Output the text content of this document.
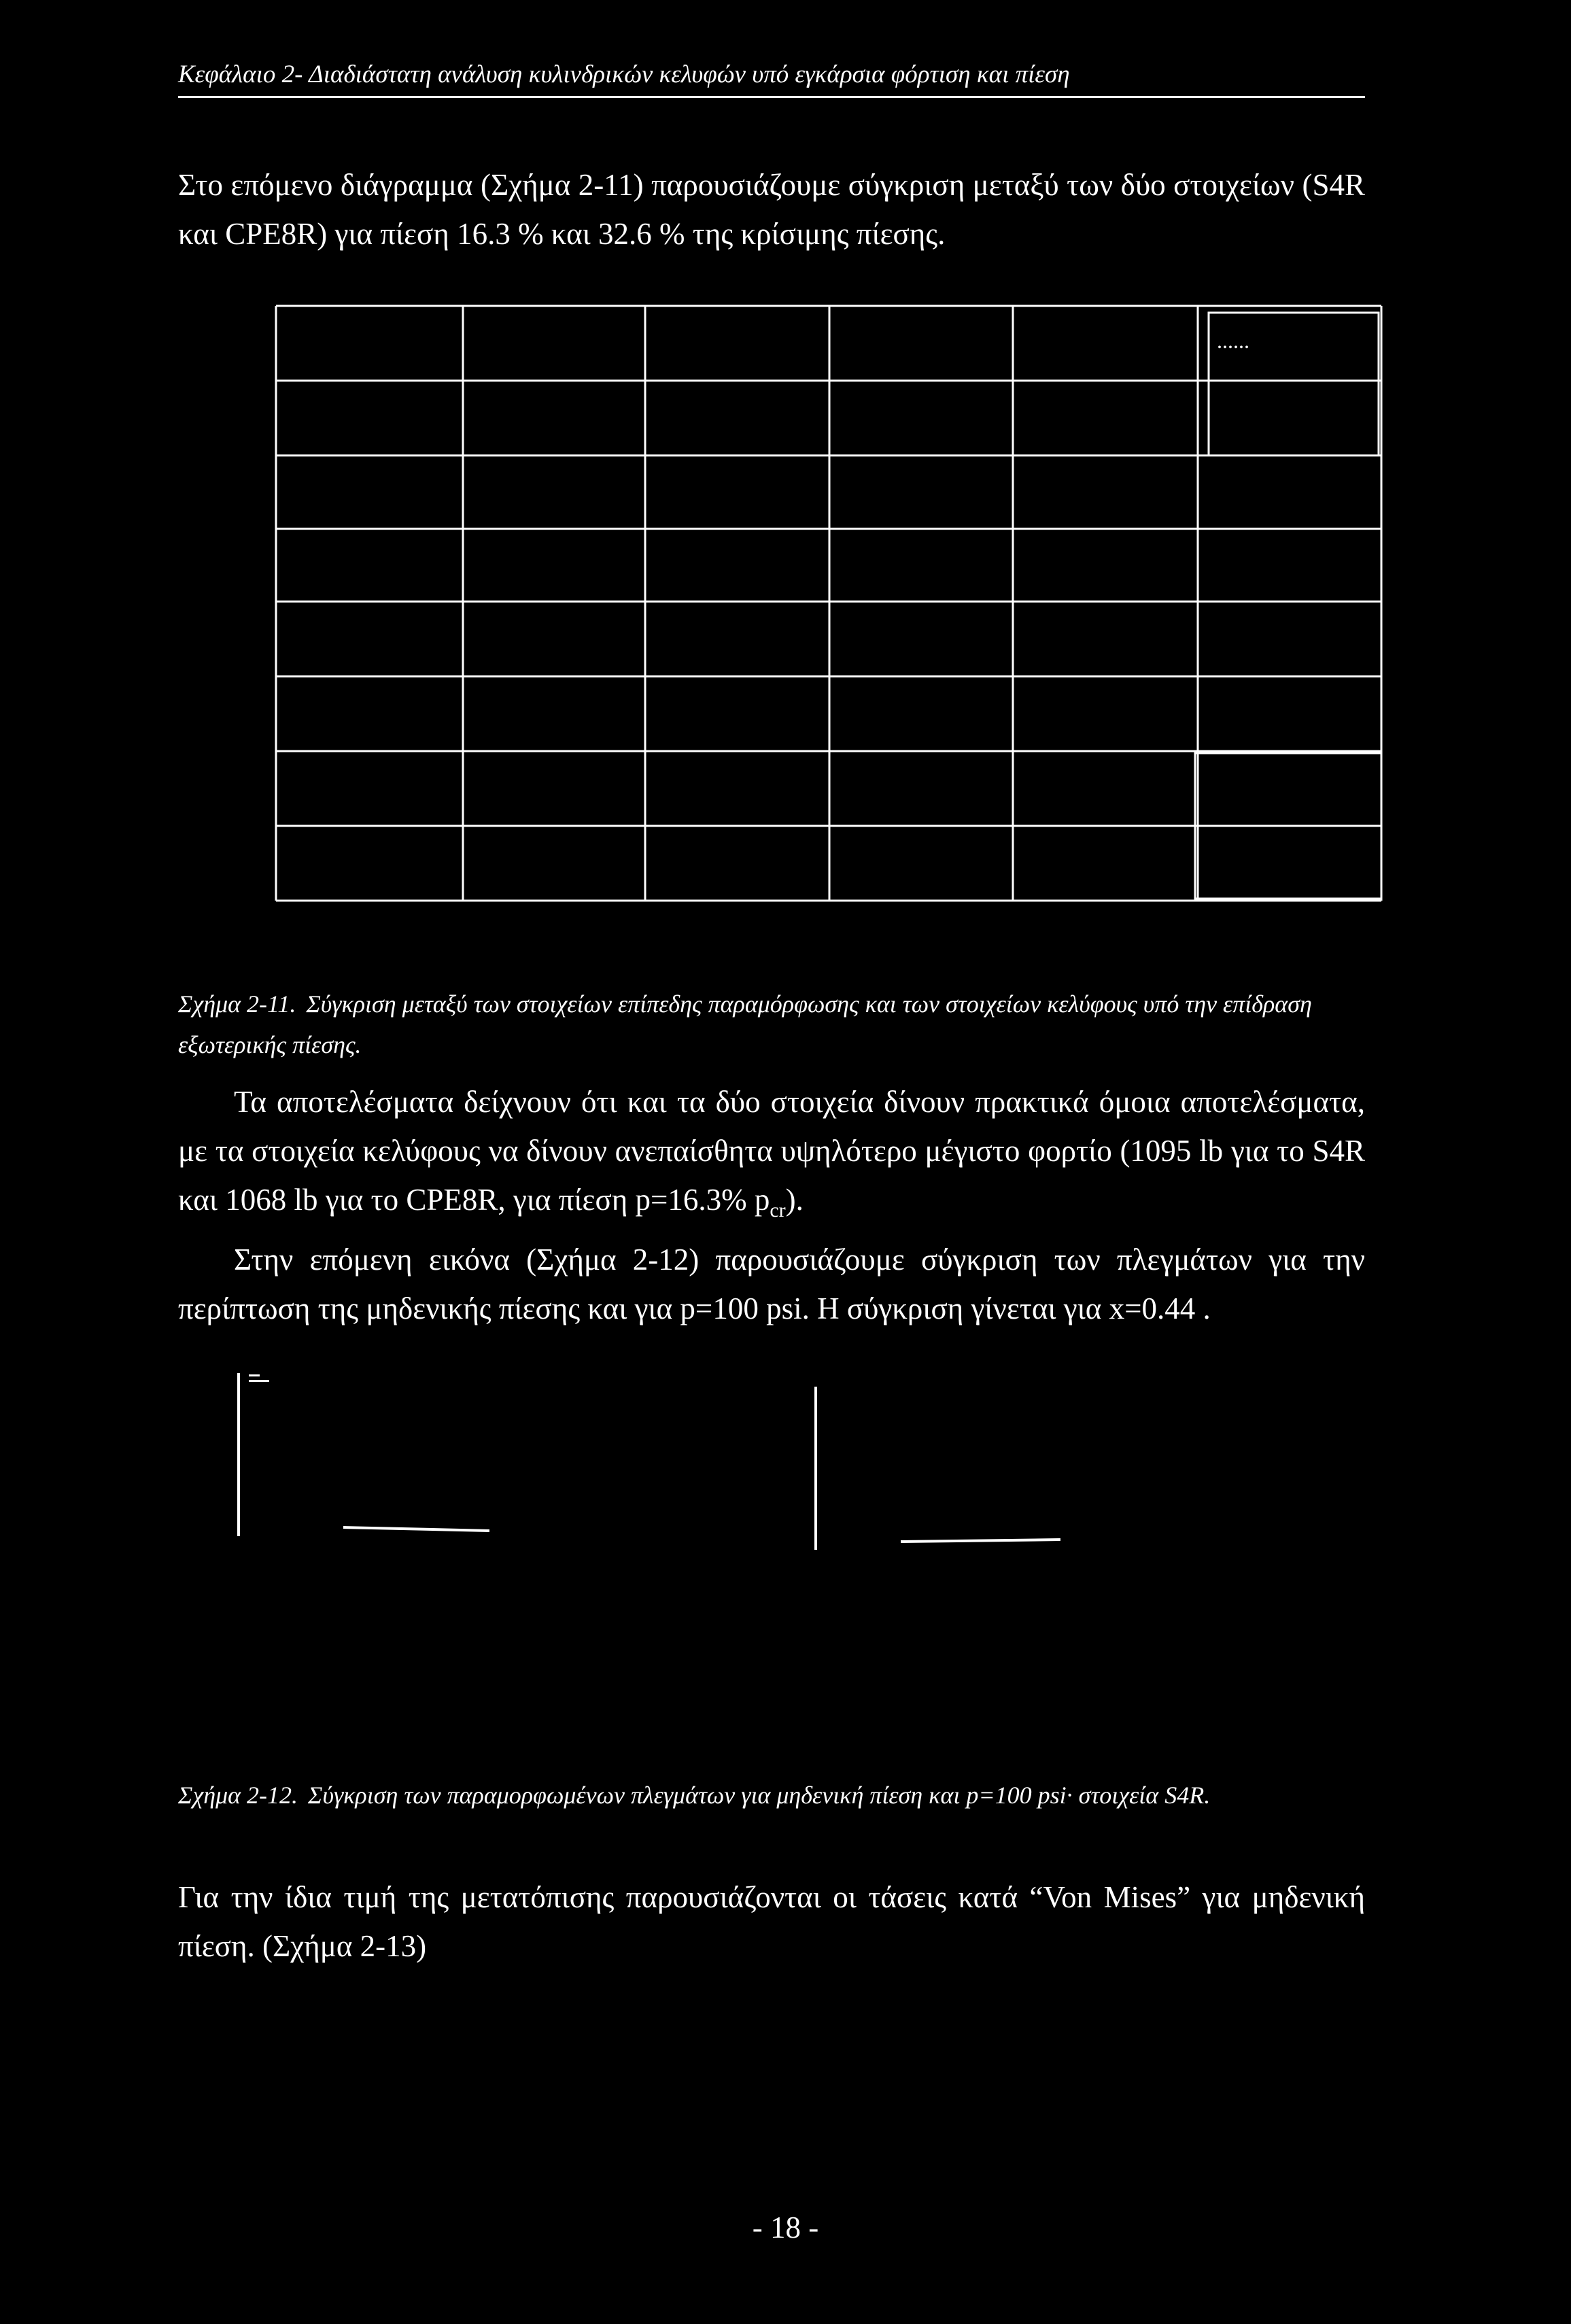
Κεφάλαιο 2- Διαδιάστατη ανάλυση κυλινδρικών κελυφών υπό εγκάρσια φόρτιση και πίεση

Στο επόμενο διάγραμμα (Σχήμα 2-11) παρουσιάζουμε σύγκριση μεταξύ των δύο στοιχείων (S4R και CPE8R) για πίεση 16.3 % και 32.6 % της κρίσιμης πίεσης.

......
Σχήμα 2-11. Σύγκριση μεταξύ των στοιχείων επίπεδης παραμόρφωσης και των στοιχείων κελύφους υπό την επίδραση εξωτερικής πίεσης.

Τα αποτελέσματα δείχνουν ότι και τα δύο στοιχεία δίνουν πρακτικά όμοια αποτελέσματα, με τα στοιχεία κελύφους να δίνουν ανεπαίσθητα υψηλότερο μέγιστο φορτίο (1095 lb για το S4R και 1068 lb για το CPE8R, για πίεση p=16.3% $p_{cr}$).

Στην επόμενη εικόνα (Σχήμα 2-12) παρουσιάζουμε σύγκριση των πλεγμάτων για την περίπτωση της μηδενικής πίεσης και για p=100 psi. Η σύγκριση γίνεται για x=0.44 .

Σχήμα 2-12. Σύγκριση των παραμορφωμένων πλεγμάτων για μηδενική πίεση και p=100 psi· στοιχεία S4R.

Για την ίδια τιμή της μετατόπισης παρουσιάζονται οι τάσεις κατά “Von Mises” για μηδενική πίεση. (Σχήμα 2-13)

- 18 -
